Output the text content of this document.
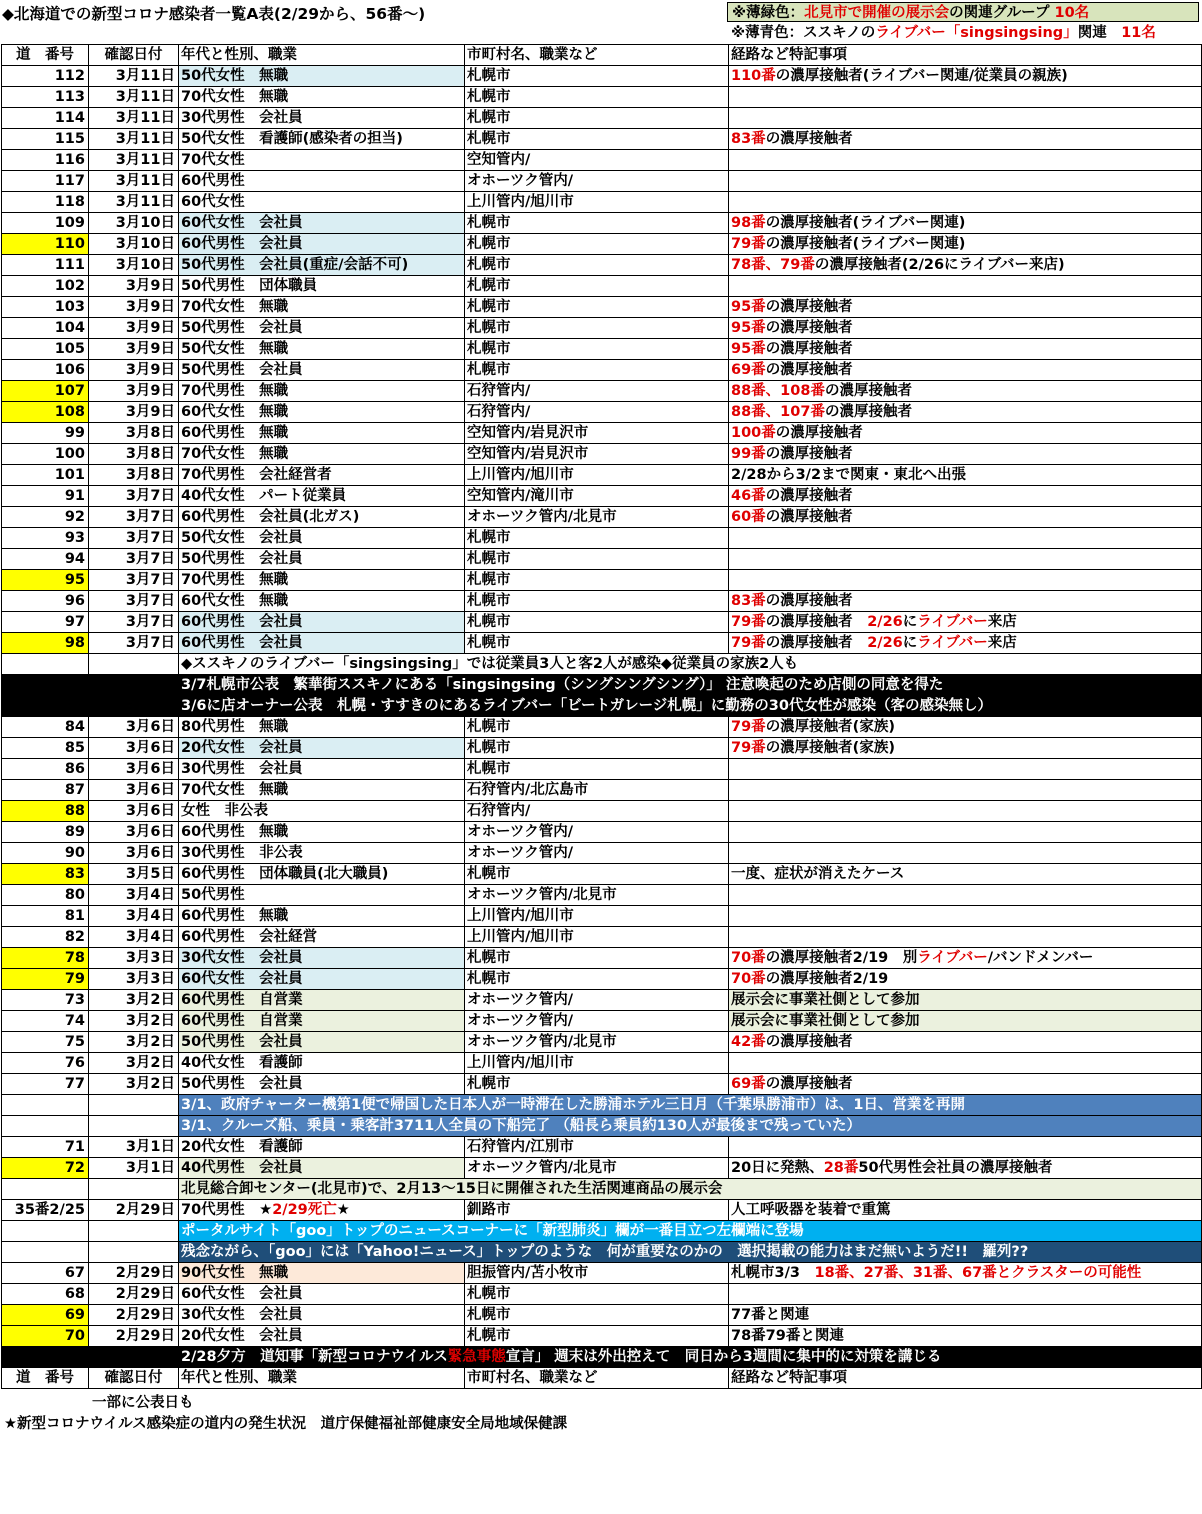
◆北海道での新型コロナ感染者一覧A表(2/29から、56番～)	※薄緑色：北見市で開催の展示会の関連グループ 10名
※薄青色：ススキノのライブバー「singsingsing」関連　11名
道　番号	確認日付	年代と性別、職業	市町村名、職業など	経路など特記事項
112	3月11日	50代女性　無職	札幌市	110番の濃厚接触者(ライブバー関連/従業員の親族)
113	3月11日	70代女性　無職	札幌市	
114	3月11日	30代男性　会社員	札幌市	
115	3月11日	50代女性　看護師(感染者の担当)	札幌市	83番の濃厚接触者
116	3月11日	70代女性	空知管内/	
117	3月11日	60代男性	オホーツク管内/	
118	3月11日	60代女性	上川管内/旭川市	
109	3月10日	60代女性　会社員	札幌市	98番の濃厚接触者(ライブバー関連)
110	3月10日	60代男性　会社員	札幌市	79番の濃厚接触者(ライブバー関連)
111	3月10日	50代男性　会社員(重症/会話不可)	札幌市	78番、79番の濃厚接触者(2/26にライブバー来店)
102	3月9日	50代男性　団体職員	札幌市	
103	3月9日	70代女性　無職	札幌市	95番の濃厚接触者
104	3月9日	50代男性　会社員	札幌市	95番の濃厚接触者
105	3月9日	50代女性　無職	札幌市	95番の濃厚接触者
106	3月9日	50代男性　会社員	札幌市	69番の濃厚接触者
107	3月9日	70代男性　無職	石狩管内/	88番、108番の濃厚接触者
108	3月9日	60代女性　無職	石狩管内/	88番、107番の濃厚接触者
99	3月8日	60代男性　無職	空知管内/岩見沢市	100番の濃厚接触者
100	3月8日	70代女性　無職	空知管内/岩見沢市	99番の濃厚接触者
101	3月8日	70代男性　会社経営者	上川管内/旭川市	2/28から3/2まで関東・東北へ出張
91	3月7日	40代女性　パート従業員	空知管内/滝川市	46番の濃厚接触者
92	3月7日	60代男性　会社員(北ガス)	オホーツク管内/北見市	60番の濃厚接触者
93	3月7日	50代女性　会社員	札幌市	
94	3月7日	50代男性　会社員	札幌市	
95	3月7日	70代男性　無職	札幌市	
96	3月7日	60代女性　無職	札幌市	83番の濃厚接触者
97	3月7日	60代男性　会社員	札幌市	79番の濃厚接触者　2/26にライブバー来店
98	3月7日	60代男性　会社員	札幌市	79番の濃厚接触者　2/26にライブバー来店
		◆ススキノのライブバー「singsingsing」では従業員3人と客2人が感染◆従業員の家族2人も		
		3/7札幌市公表　繁華街ススキノにある「singsingsing（シングシングシング）」 注意喚起のため店側の同意を得た		
		3/6に店オーナー公表　札幌・すすきのにあるライブバー「ビートガレージ札幌」に勤務の30代女性が感染（客の感染無し）		
84	3月6日	80代男性　無職	札幌市	79番の濃厚接触者(家族)
85	3月6日	20代女性　会社員	札幌市	79番の濃厚接触者(家族)
86	3月6日	30代男性　会社員	札幌市	
87	3月6日	70代女性　無職	石狩管内/北広島市	
88	3月6日	女性　非公表	石狩管内/	
89	3月6日	60代男性　無職	オホーツク管内/	
90	3月6日	30代男性　非公表	オホーツク管内/	
83	3月5日	60代男性　団体職員(北大職員)	札幌市	一度、症状が消えたケース
80	3月4日	50代男性	オホーツク管内/北見市	
81	3月4日	60代男性　無職	上川管内/旭川市	
82	3月4日	60代男性　会社経営	上川管内/旭川市	
78	3月3日	30代女性　会社員	札幌市	70番の濃厚接触者2/19　別ライブバー/バンドメンバー
79	3月3日	60代女性　会社員	札幌市	70番の濃厚接触者2/19
73	3月2日	60代男性　自営業	オホーツク管内/	展示会に事業社側として参加
74	3月2日	60代男性　自営業	オホーツク管内/	展示会に事業社側として参加
75	3月2日	50代男性　会社員	オホーツク管内/北見市	42番の濃厚接触者
76	3月2日	40代女性　看護師	上川管内/旭川市	
77	3月2日	50代男性　会社員	札幌市	69番の濃厚接触者
		3/1、政府チャーター機第1便で帰国した日本人が一時滞在した勝浦ホテル三日月（千葉県勝浦市）は、1日、営業を再開		
		3/1、クルーズ船、乗員・乗客計3711人全員の下船完了 （船長ら乗員約130人が最後まで残っていた）		
71	3月1日	20代女性　看護師	石狩管内/江別市	
72	3月1日	40代男性　会社員	オホーツク管内/北見市	20日に発熱、28番50代男性会社員の濃厚接触者
		北見総合卸センター(北見市)で、2月13～15日に開催された生活関連商品の展示会		
35番2/25	2月29日	70代男性　★2/29死亡★	釧路市	人工呼吸器を装着で重篤
		ポータルサイト「goo」トップのニュースコーナーに「新型肺炎」欄が一番目立つ左欄端に登場		
		残念ながら、「goo」には「Yahoo!ニュース」トップのような　何が重要なのかの　選択掲載の能力はまだ無いようだ!!　羅列??		
67	2月29日	90代女性　無職	胆振管内/苫小牧市	札幌市3/3　18番、27番、31番、67番とクラスターの可能性
68	2月29日	60代女性　会社員	札幌市	
69	2月29日	30代女性　会社員	札幌市	77番と関連
70	2月29日	20代女性　会社員	札幌市	78番79番と関連
		2/28夕方　道知事「新型コロナウイルス緊急事態宣言」 週末は外出控えて　同日から3週間に集中的に対策を講じる		
道　番号	確認日付	年代と性別、職業	市町村名、職業など	経路など特記事項
一部に公表日も
★新型コロナウイルス感染症の道内の発生状況　道庁保健福祉部健康安全局地域保健課
